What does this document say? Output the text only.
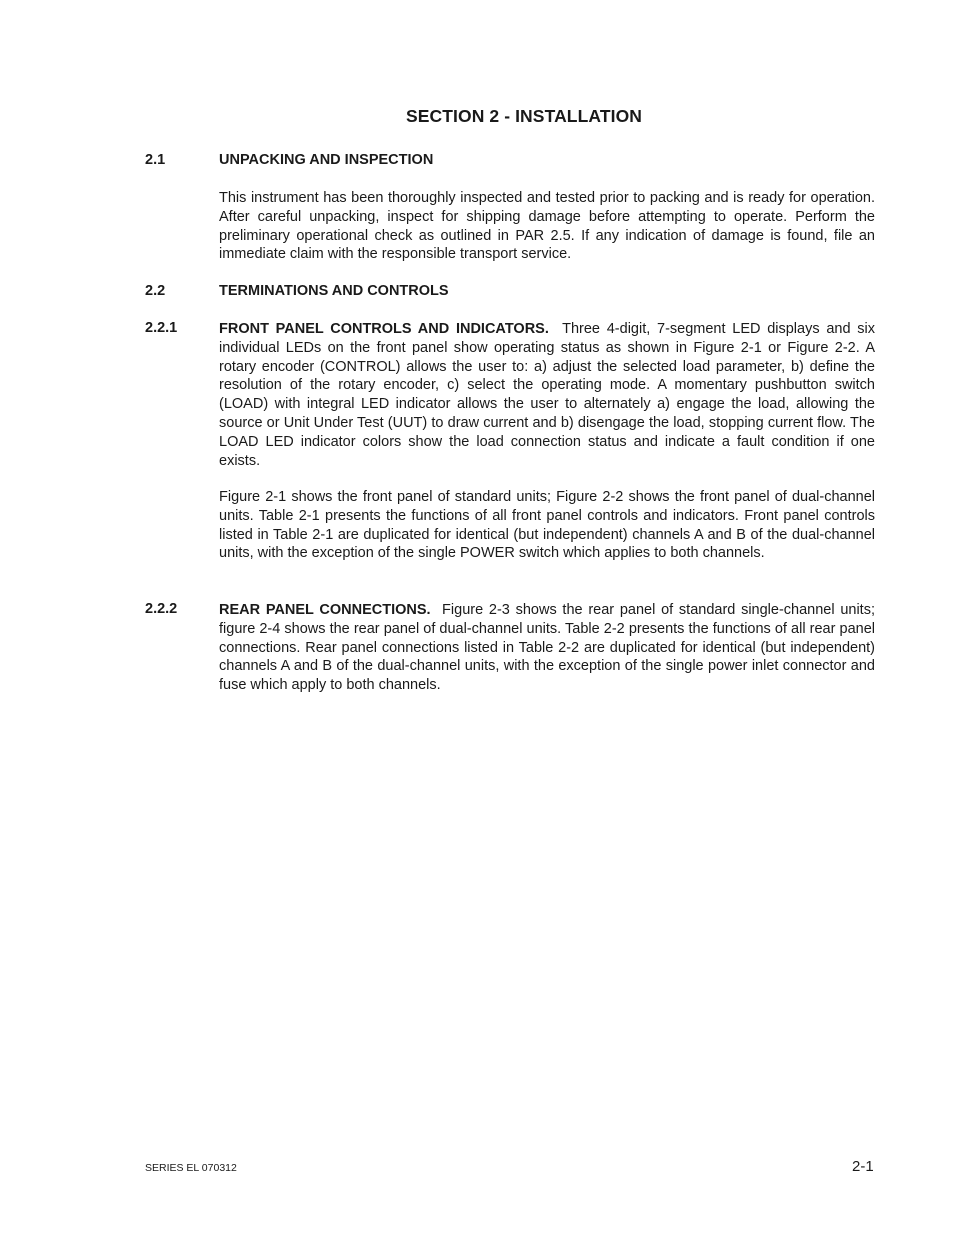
SECTION 2 - INSTALLATION
2.1	UNPACKING AND INSPECTION

This instrument has been thoroughly inspected and tested prior to packing and is ready for operation. After careful unpacking, inspect for shipping damage before attempting to operate. Perform the preliminary operational check as outlined in PAR 2.5. If any indication of damage is found, file an immediate claim with the responsible transport service.

2.2	TERMINATIONS AND CONTROLS
2.2.1	FRONT PANEL CONTROLS AND INDICATORS. Three 4-digit, 7-segment LED displays and six individual LEDs on the front panel show operating status as shown in Figure 2-1 or Figure 2-2. A rotary encoder (CONTROL) allows the user to: a) adjust the selected load parameter, b) define the resolution of the rotary encoder, c) select the operating mode. A momentary pushbutton switch (LOAD) with integral LED indicator allows the user to alternately a) engage the load, allowing the source or Unit Under Test (UUT) to draw current and b) disengage the load, stopping current flow. The LOAD LED indicator colors show the load connection status and indicate a fault condition if one exists.

Figure 2-1 shows the front panel of standard units; Figure 2-2 shows the front panel of dual-channel units. Table 2-1 presents the functions of all front panel controls and indicators. Front panel controls listed in Table 2-1 are duplicated for identical (but independent) channels A and B of the dual-channel units, with the exception of the single POWER switch which applies to both channels.

2.2.2	REAR PANEL CONNECTIONS. Figure 2-3 shows the rear panel of standard single-channel units; figure 2-4 shows the rear panel of dual-channel units. Table 2-2 presents the functions of all rear panel connections. Rear panel connections listed in Table 2-2 are duplicated for identical (but independent) channels A and B of the dual-channel units, with the exception of the single power inlet connector and fuse which apply to both channels.

SERIES EL 070312	2-1
